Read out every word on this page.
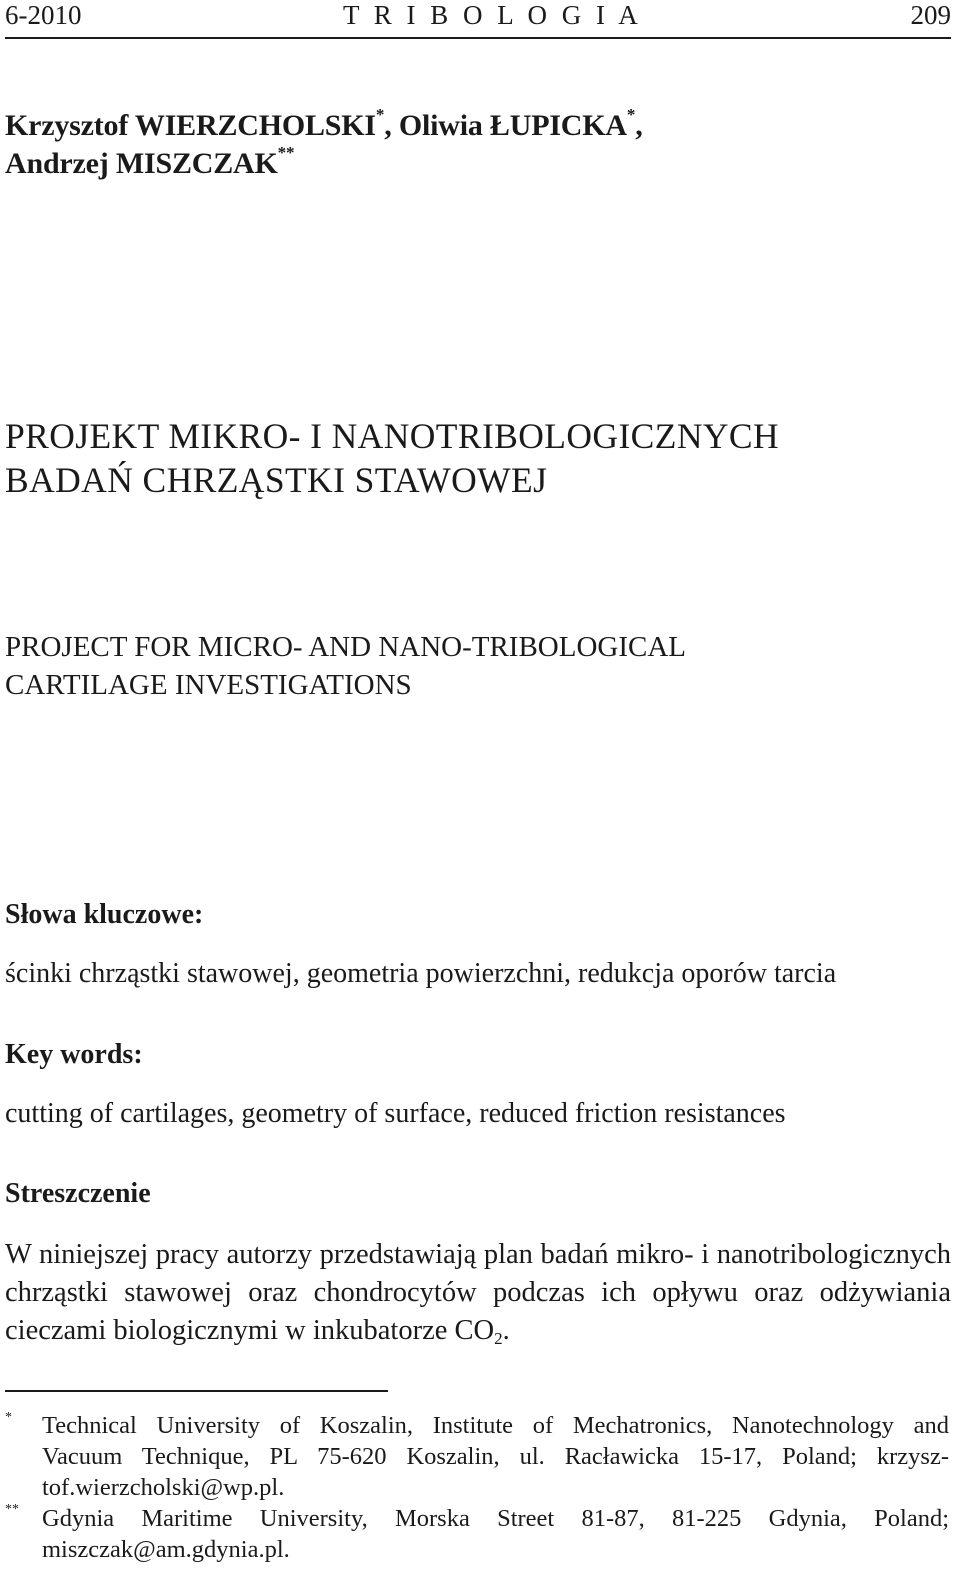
6-2010	T R I B O L O G I A	209
Krzysztof WIERZCHOLSKI*, Oliwia ŁUPICKA*,
Andrzej MISZCZAK**
PROJEKT MIKRO- I NANOTRIBOLOGICZNYCH
BADAŃ CHRZĄSTKI STAWOWEJ
PROJECT FOR MICRO- AND NANO-TRIBOLOGICAL
CARTILAGE INVESTIGATIONS
Słowa kluczowe:
ścinki chrząstki stawowej, geometria powierzchni, redukcja oporów tarcia
Key words:
cutting of cartilages, geometry of surface, reduced friction resistances
Streszczenie
W niniejszej pracy autorzy przedstawiają plan badań mikro- i nanotribologicznych chrząstki stawowej oraz chondrocytów podczas ich opływu oraz odżywiania cieczami biologicznymi w inkubatorze $CO_2$.
* Technical University of Koszalin, Institute of Mechatronics, Nanotechnology and
Vacuum Technique, PL 75-620 Koszalin, ul. Racławicka 15-17, Poland; krzysz-
tof.wierzcholski@wp.pl.
** Gdynia Maritime University, Morska Street 81-87, 81-225 Gdynia, Poland;
miszczak@am.gdynia.pl.
